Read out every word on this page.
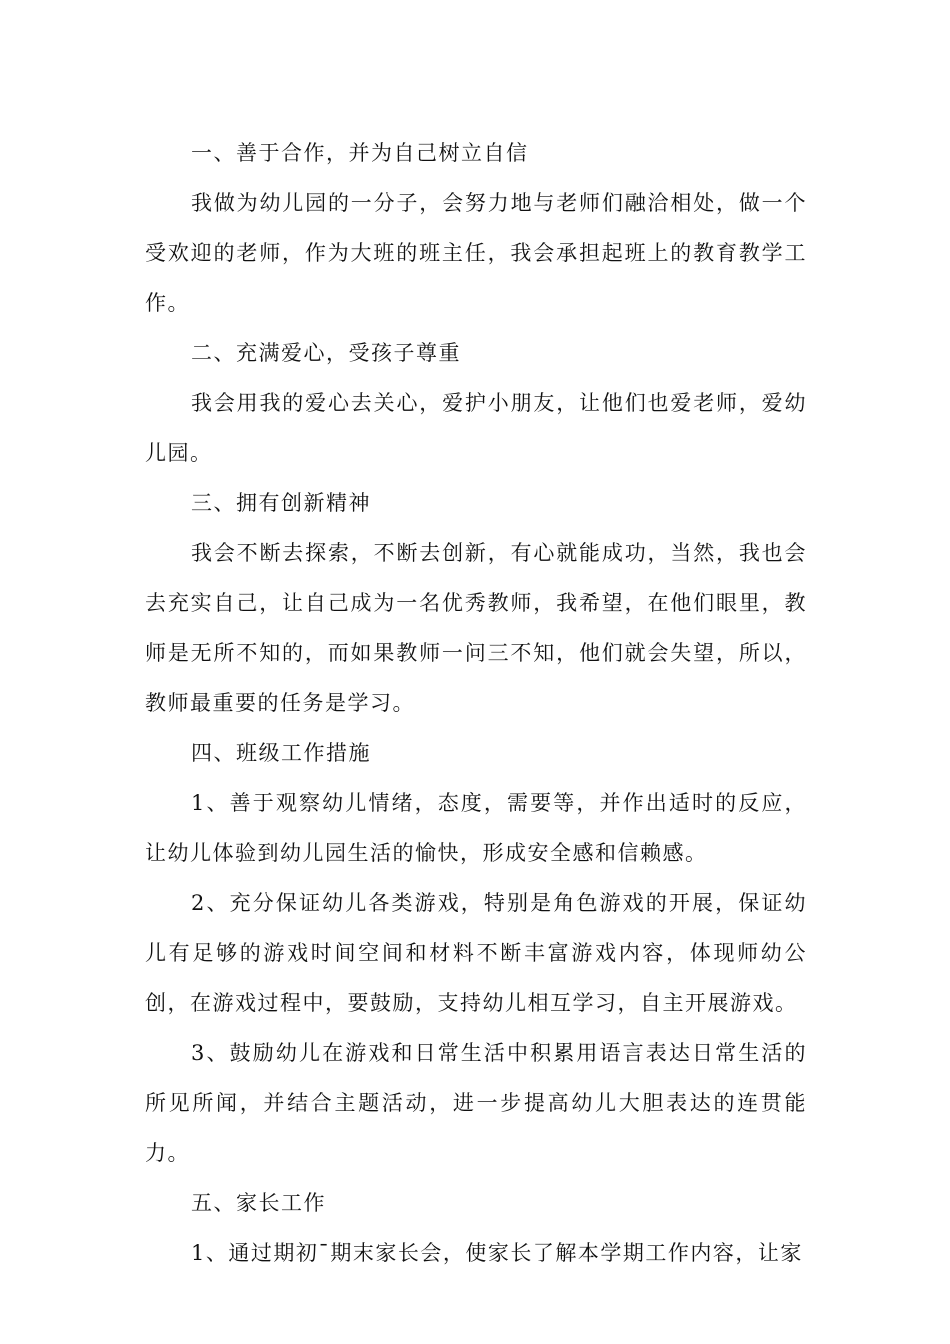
一、善于合作，并为自己树立自信

我做为幼儿园的一分子，会努力地与老师们融洽相处，做一个受欢迎的老师，作为大班的班主任，我会承担起班上的教育教学工作。

二、充满爱心，受孩子尊重

我会用我的爱心去关心，爱护小朋友，让他们也爱老师，爱幼儿园。

三、拥有创新精神

我会不断去探索，不断去创新，有心就能成功，当然，我也会去充实自己，让自己成为一名优秀教师，我希望，在他们眼里，教师是无所不知的，而如果教师一问三不知，他们就会失望，所以，教师最重要的任务是学习。

四、班级工作措施

1、善于观察幼儿情绪，态度，需要等，并作出适时的反应，让幼儿体验到幼儿园生活的愉快，形成安全感和信赖感。

2、充分保证幼儿各类游戏，特别是角色游戏的开展，保证幼儿有足够的游戏时间空间和材料不断丰富游戏内容，体现师幼公创，在游戏过程中，要鼓励，支持幼儿相互学习，自主开展游戏。

3、鼓励幼儿在游戏和日常生活中积累用语言表达日常生活的所见所闻，并结合主题活动，进一步提高幼儿大胆表达的连贯能力。

五、家长工作

1、通过期初¯期末家长会，使家长了解本学期工作内容，让家
